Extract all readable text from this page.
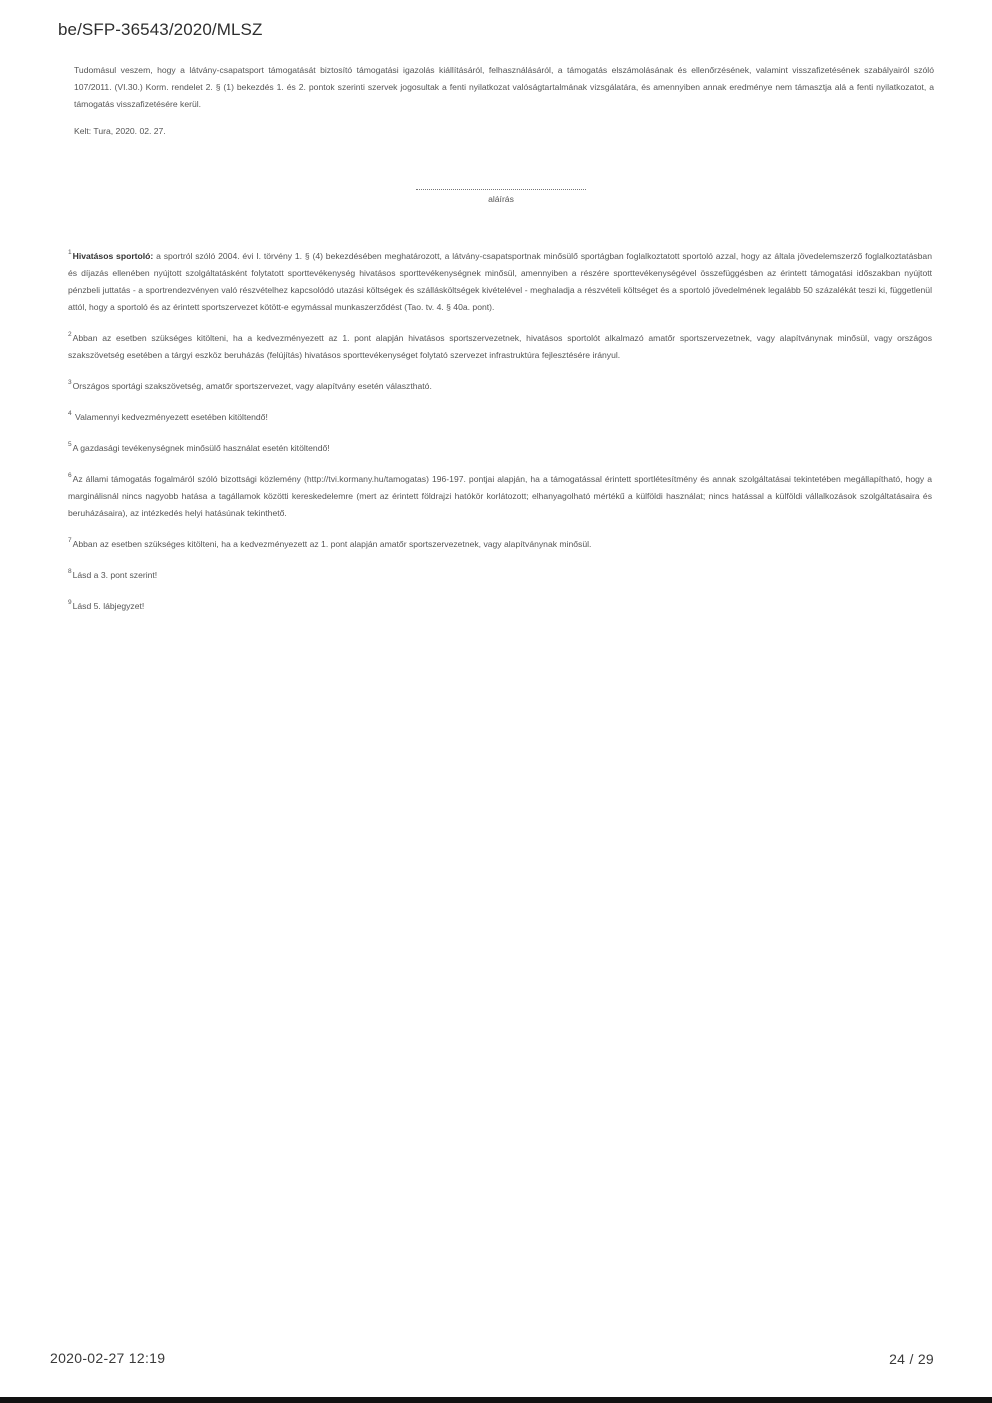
be/SFP-36543/2020/MLSZ

Tudomásul veszem, hogy a látvány-csapatsport támogatását biztosító támogatási igazolás kiállításáról, felhasználásáról, a támogatás elszámolásának és ellenőrzésének, valamint visszafizetésének szabályairól szóló 107/2011. (VI.30.) Korm. rendelet 2. § (1) bekezdés 1. és 2. pontok szerinti szervek jogosultak a fenti nyilatkozat valóságtartalmának vizsgálatára, és amennyiben annak eredménye nem támasztja alá a fenti nyilatkozatot, a támogatás visszafizetésére kerül.

Kelt: Tura, 2020. 02. 27.
aláírás

$^1$Hivatásos sportoló: a sportról szóló 2004. évi I. törvény 1. § (4) bekezdésében meghatározott, a látvány-csapatsportnak minősülő sportágban foglalkoztatott sportoló azzal, hogy az általa jövedelemszerző foglalkoztatásban és díjazás ellenében nyújtott szolgáltatásként folytatott sporttevékenység hivatásos sporttevékenységnek minősül, amennyiben a részére sporttevékenységével összefüggésben az érintett támogatási időszakban nyújtott pénzbeli juttatás - a sportrendezvényen való részvételhez kapcsolódó utazási költségek és szállásköltségek kivételével - meghaladja a részvételi költséget és a sportoló jövedelmének legalább 50 százalékát teszi ki, függetlenül attól, hogy a sportoló és az érintett sportszervezet kötött-e egymással munkaszerződést (Tao. tv. 4. § 40a. pont).

$^2$Abban az esetben szükséges kitölteni, ha a kedvezményezett az 1. pont alapján hivatásos sportszervezetnek, hivatásos sportolót alkalmazó amatőr sportszervezetnek, vagy alapítványnak minősül, vagy országos szakszövetség esetében a tárgyi eszköz beruházás (felújítás) hivatásos sporttevékenységet folytató szervezet infrastruktúra fejlesztésére irányul.

$^3$Országos sportági szakszövetség, amatőr sportszervezet, vagy alapítvány esetén választható.

$^4$ Valamennyi kedvezményezett esetében kitöltendő!

$^5$A gazdasági tevékenységnek minősülő használat esetén kitöltendő!

$^6$Az állami támogatás fogalmáról szóló bizottsági közlemény (http://tvi.kormany.hu/tamogatas) 196-197. pontjai alapján, ha a támogatással érintett sportlétesítmény és annak szolgáltatásai tekintetében megállapítható, hogy a marginálisnál nincs nagyobb hatása a tagállamok közötti kereskedelemre (mert az érintett földrajzi hatókör korlátozott; elhanyagolható mértékű a külföldi használat; nincs hatással a külföldi vállalkozások szolgáltatásaira és beruházásaira), az intézkedés helyi hatásúnak tekinthető.

$^7$Abban az esetben szükséges kitölteni, ha a kedvezményezett az 1. pont alapján amatőr sportszervezetnek, vagy alapítványnak minősül.

$^8$Lásd a 3. pont szerint!

$^9$Lásd 5. lábjegyzet!

2020-02-27 12:19	24 / 29
